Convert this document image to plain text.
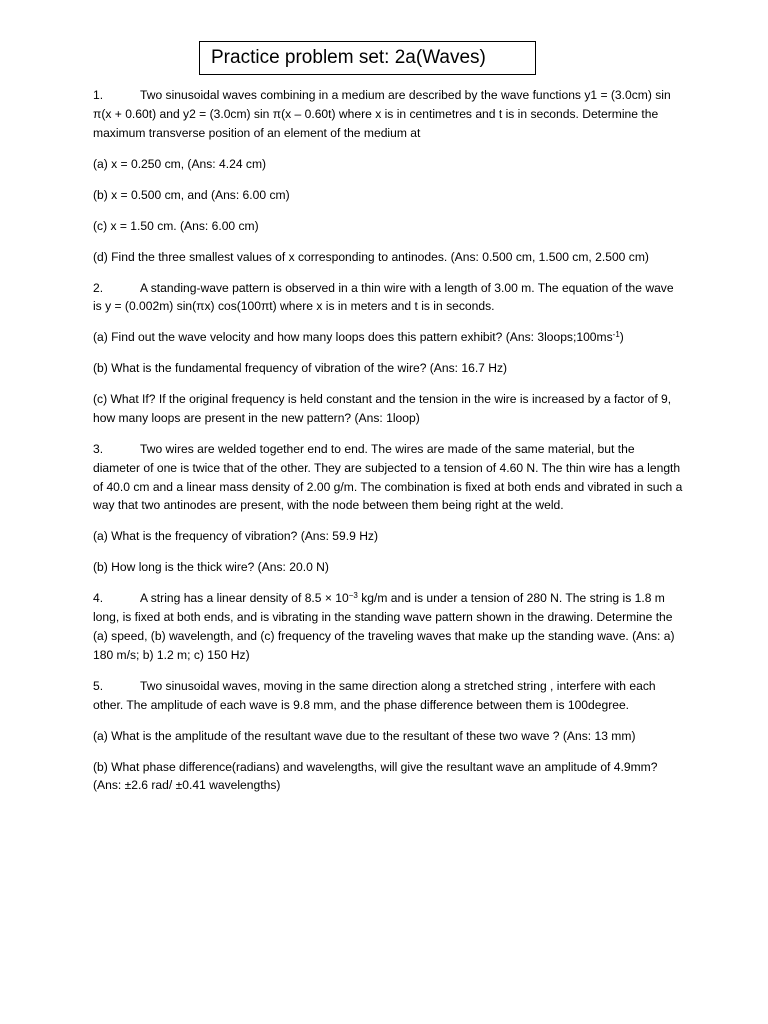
Practice problem set: 2a(Waves)

1.	Two sinusoidal waves combining in a medium are described by the wave functions y1 = (3.0cm) sin π(x + 0.60t) and y2 = (3.0cm) sin π(x – 0.60t) where x is in centimetres and t is in seconds. Determine the maximum transverse position of an element of the medium at

(a) x = 0.250 cm, (Ans: 4.24 cm)

(b) x = 0.500 cm, and (Ans: 6.00 cm)

(c) x = 1.50 cm. (Ans: 6.00 cm)

(d) Find the three smallest values of x corresponding to antinodes. (Ans: 0.500 cm, 1.500 cm, 2.500 cm)

2.	A standing-wave pattern is observed in a thin wire with a length of 3.00 m. The equation of the wave is y = (0.002m) sin(πx) cos(100πt) where x is in meters and t is in seconds.

(a) Find out the wave velocity and how many loops does this pattern exhibit? (Ans: $3loops;100ms^{-1}$)

(b) What is the fundamental frequency of vibration of the wire? (Ans: 16.7 Hz)

(c) What If? If the original frequency is held constant and the tension in the wire is increased by a factor of 9, how many loops are present in the new pattern? (Ans: 1loop)

3.	Two wires are welded together end to end. The wires are made of the same material, but the diameter of one is twice that of the other. They are subjected to a tension of 4.60 N. The thin wire has a length of 40.0 cm and a linear mass density of 2.00 g/m. The combination is fixed at both ends and vibrated in such a way that two antinodes are present, with the node between them being right at the weld.

(a) What is the frequency of vibration? (Ans: 59.9 Hz)

(b) How long is the thick wire? (Ans: 20.0 N)

4.	A string has a linear density of $8.5 \times 10^{-3}$ kg/m and is under a tension of 280 N. The string is 1.8 m long, is fixed at both ends, and is vibrating in the standing wave pattern shown in the drawing. Determine the (a) speed, (b) wavelength, and (c) frequency of the traveling waves that make up the standing wave. (Ans: a) 180 m/s; b) 1.2 m; c) 150 Hz)

5.	Two sinusoidal waves, moving in the same direction along a stretched string , interfere with each other. The amplitude of each wave is 9.8 mm, and the phase difference between them is 100degree.

(a) What is the amplitude of the resultant wave due to the resultant of these two wave ? (Ans: 13 mm)

(b) What phase difference(radians) and wavelengths, will give the resultant wave an amplitude of 4.9mm? (Ans: ±2.6 rad/ ±0.41 wavelengths)
